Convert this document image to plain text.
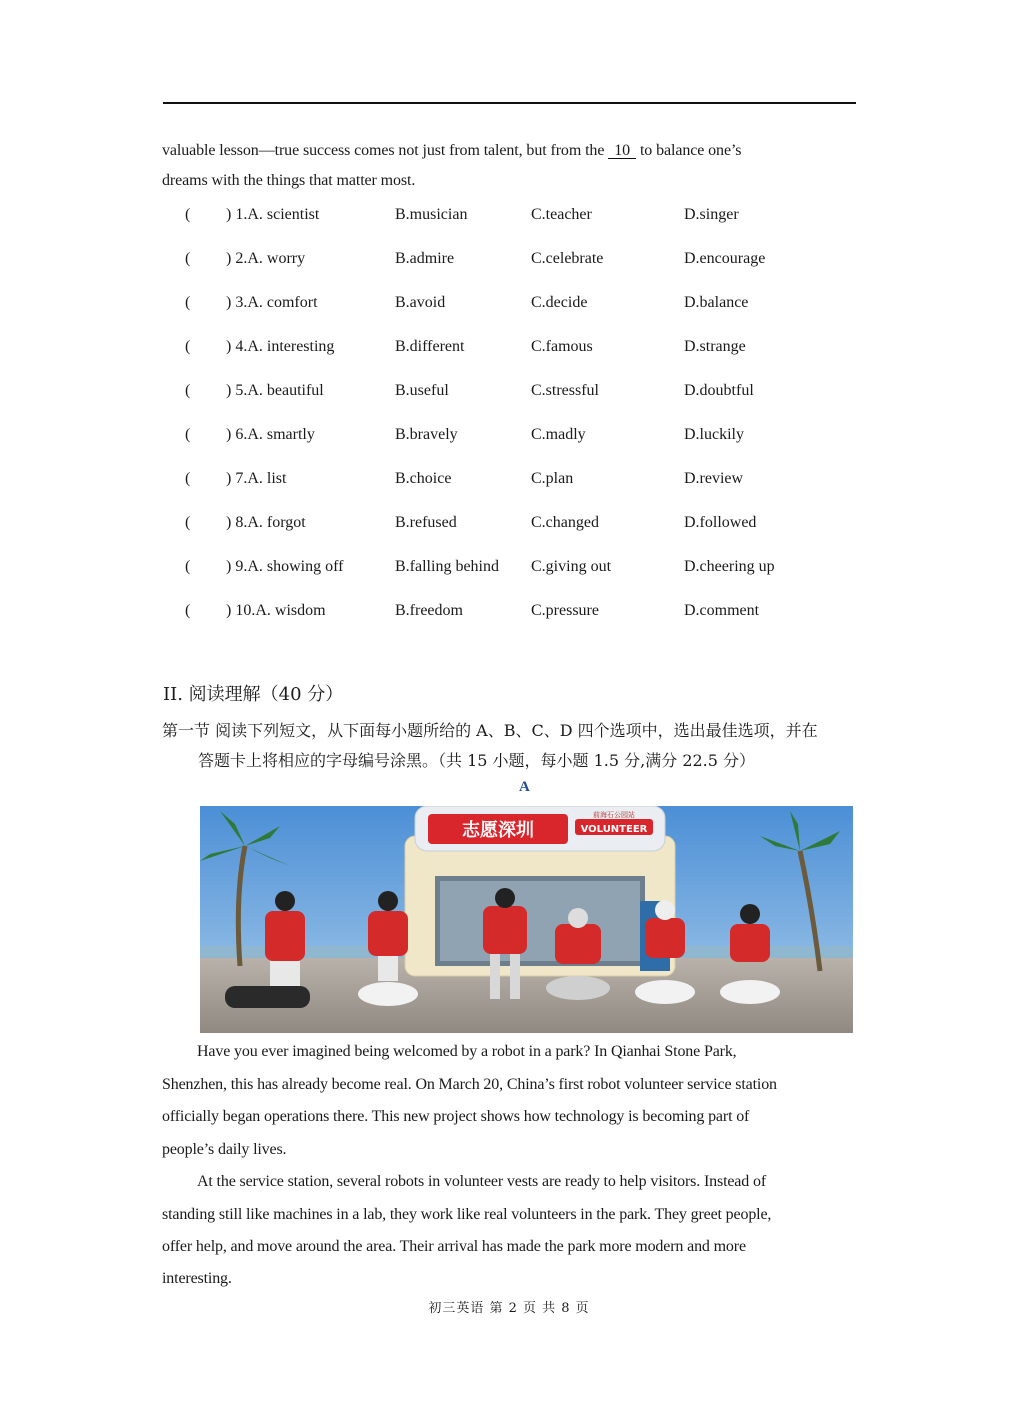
valuable lesson—true success comes not just from talent, but from the 10 to balance one’s
dreams with the things that matter most.
( ) 1.A. scientist	B.musician	C.teacher	D.singer
( ) 2.A. worry	B.admire	C.celebrate	D.encourage
( ) 3.A. comfort	B.avoid	C.decide	D.balance
( ) 4.A. interesting	B.different	C.famous	D.strange
( ) 5.A. beautiful	B.useful	C.stressful	D.doubtful
( ) 6.A. smartly	B.bravely	C.madly	D.luckily
( ) 7.A. list	B.choice	C.plan	D.review
( ) 8.A. forgot	B.refused	C.changed	D.followed
( ) 9.A. showing off	B.falling behind C.giving out	D.cheering up
( ) 10.A. wisdom	B.freedom	C.pressure	D.comment
II. 阅读理解（40 分）
第一节 阅读下列短文，从下面每小题所给的 A、B、C、D 四个选项中，选出最佳选项，并在
答题卡上将相应的字母编号涂黑。（共 15 小题，每小题 1.5 分,满分 22.5 分）
A
志愿深圳	VOLUNTEER
前海石公园站
Have you ever imagined being welcomed by a robot in a park? In Qianhai Stone Park,
Shenzhen, this has already become real. On March 20, China’s first robot volunteer service station
officially began operations there. This new project shows how technology is becoming part of
people’s daily lives.
At the service station, several robots in volunteer vests are ready to help visitors. Instead of
standing still like machines in a lab, they work like real volunteers in the park. They greet people,
offer help, and move around the area. Their arrival has made the park more modern and more
interesting.
初三英语 第 2 页 共 8 页
